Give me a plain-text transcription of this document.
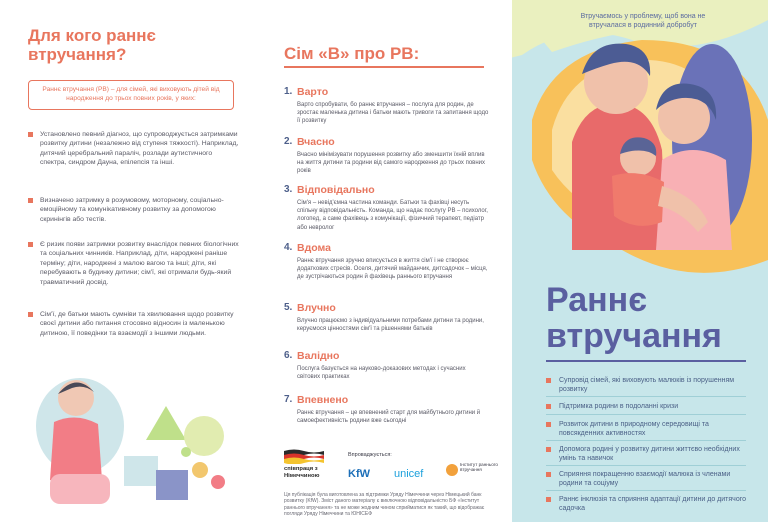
Для кого раннє втручання?
Раннє втручання (РВ) – для сімей, які виховують дітей від народження до трьох повних років, у яких:

Установлено певний діагноз, що супроводжується затримками розвитку дитини (незалежно від ступеня тяжкості). Наприклад, дитячий церебральний параліч, розлади аутистичного спектра, синдром Дауна, епілепсія та інші.

Визначено затримку в розумовому, моторному, соціально-емоційному та комунікативному розвитку за допомогою скринінгів або тестів.

Є ризик появи затримки розвитку внаслідок певних біологічних та соціальних чинників. Наприклад, діти, народжені раніше терміну; діти, народжені з малою вагою та інші; діти, які перебувають в будинку дитини; сім'ї, які отримали будь-який травматичний досвід.

Сім'ї, де батьки мають сумніви та хвилювання щодо розвитку своєї дитини або питання стосовно відносин із маленькою дитиною, її поведінки та взаємодії з іншими людьми.

Сім «В» про РВ:
1. Варто

Варто спробувати, бо раннє втручання – послуга для родин, де зростає маленька дитина і батьки мають тривоги та запитання щодо її розвитку

2. Вчасно

Вчасно мінімізувати порушення розвитку або зменшити їхній вплив на життя дитини та родини від самого народження до трьох повних років

3. Відповідально

Сім'я – невід'ємна частина команди. Батьки та фахівці несуть спільну відповідальність. Команда, що надає послугу РВ – психолог, логопед, а саме фахівець з комунікації, фізичний терапевт, педіатр або невролог

4. Вдома

Раннє втручання зручно вписується в життя сім'ї і не створює додаткових стресів. Оселя, дитячий майданчик, дитсадочок – місця, де зустрічаються родин й фахівець раннього втручання

5. Влучно

Влучно працюємо з індивідуальними потребами дитини та родини, керуємося цінностями сім'ї та рішеннями батьків

6. Валідно

Послуга базується на науково-доказових методах і сучасних світових практиках

7. Впевнено

Раннє втручання – це впевнений старт для майбутнього дитини й самоефективність родини вже сьогодні

співпраця з Німеччиною
Впроваджується:
KfW unicef
Інститут раннього втручання

Ця публікація була виготовлена за підтримки Уряду Німеччини через Німецький банк розвитку (KfW). Зміст даного матеріалу є виключною відповідальністю БФ «Інститут раннього втручання» та не може жодним чином сприйматися як такий, що відображає погляди Уряду Німеччини та ЮНІСЕФ

Втручаємось у проблему, щоб вона не втручалася в родинний добробут

Раннє
втручання

Супровід сімей, які виховують малюків із порушенням розвитку

Підтримка родини в подоланні кризи

Розвиток дитини в природному середовищі та повсякденних активностях

Допомога родині у розвитку дитини життєво необхідних умінь та навичок

Сприяння покращенню взаємодії малюка із членами родини та соціуму

Раннє інклюзія та сприяння адаптації дитини до дитячого садочка
